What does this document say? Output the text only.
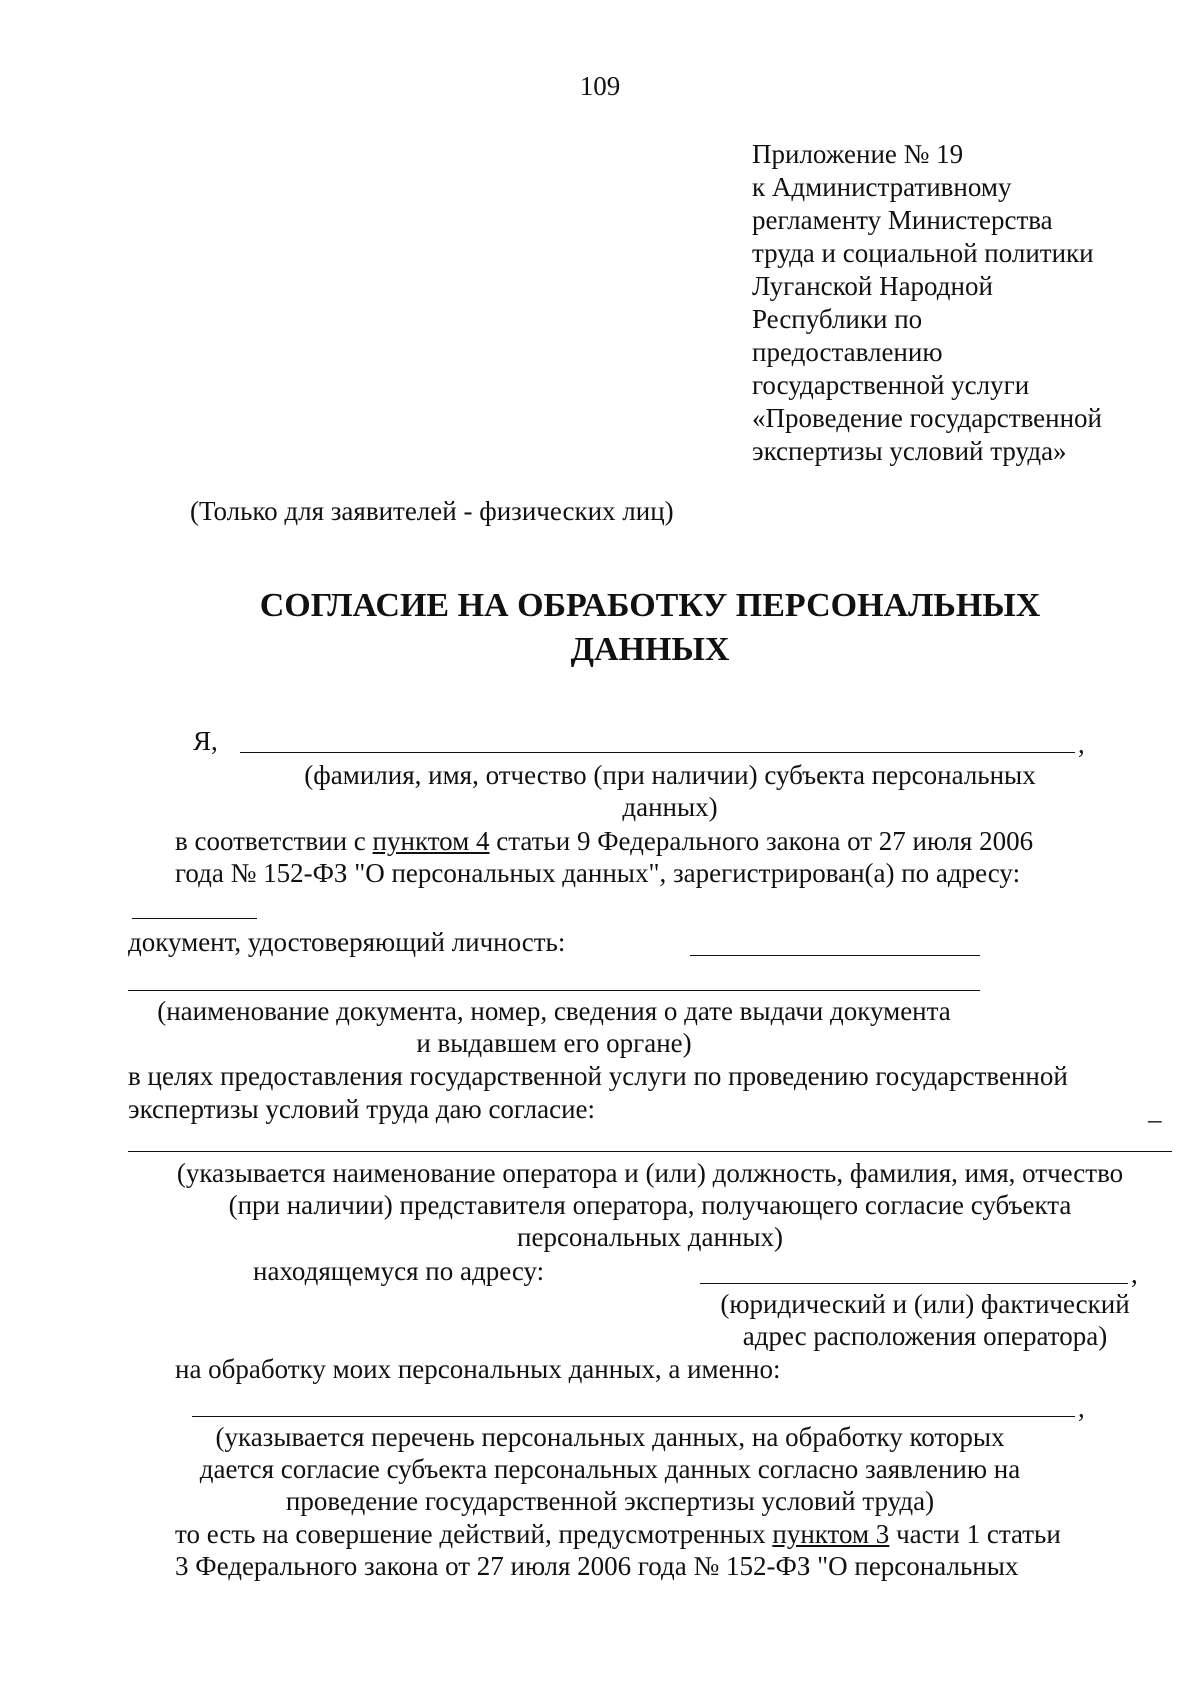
109
Приложение № 19
к Административному
регламенту Министерства
труда и социальной политики
Луганской Народной
Республики по
предоставлению
государственной услуги
«Проведение государственной
экспертизы условий труда»
(Только для заявителей - физических лиц)
СОГЛАСИЕ НА ОБРАБОТКУ ПЕРСОНАЛЬНЫХ
ДАННЫХ
Я,	,
(фамилия, имя, отчество (при наличии) субъекта персональных
данных)
в соответствии с пунктом 4 статьи 9 Федерального закона от 27 июля 2006
года № 152-ФЗ "О персональных данных", зарегистрирован(а) по адресу:
документ, удостоверяющий личность:
(наименование документа, номер, сведения о дате выдачи документа
и выдавшем его органе)
в целях предоставления государственной услуги по проведению государственной
экспертизы условий труда даю согласие:	_
(указывается наименование оператора и (или) должность, фамилия, имя, отчество
(при наличии) представителя оператора, получающего согласие субъекта
персональных данных)
находящемуся по адресу:	,
(юридический и (или) фактический
адрес расположения оператора)
на обработку моих персональных данных, а именно:
,
(указывается перечень персональных данных, на обработку которых
дается согласие субъекта персональных данных согласно заявлению на
проведение государственной экспертизы условий труда)
то есть на совершение действий, предусмотренных пунктом 3 части 1 статьи
3 Федерального закона от 27 июля 2006 года № 152-ФЗ "О персональных
